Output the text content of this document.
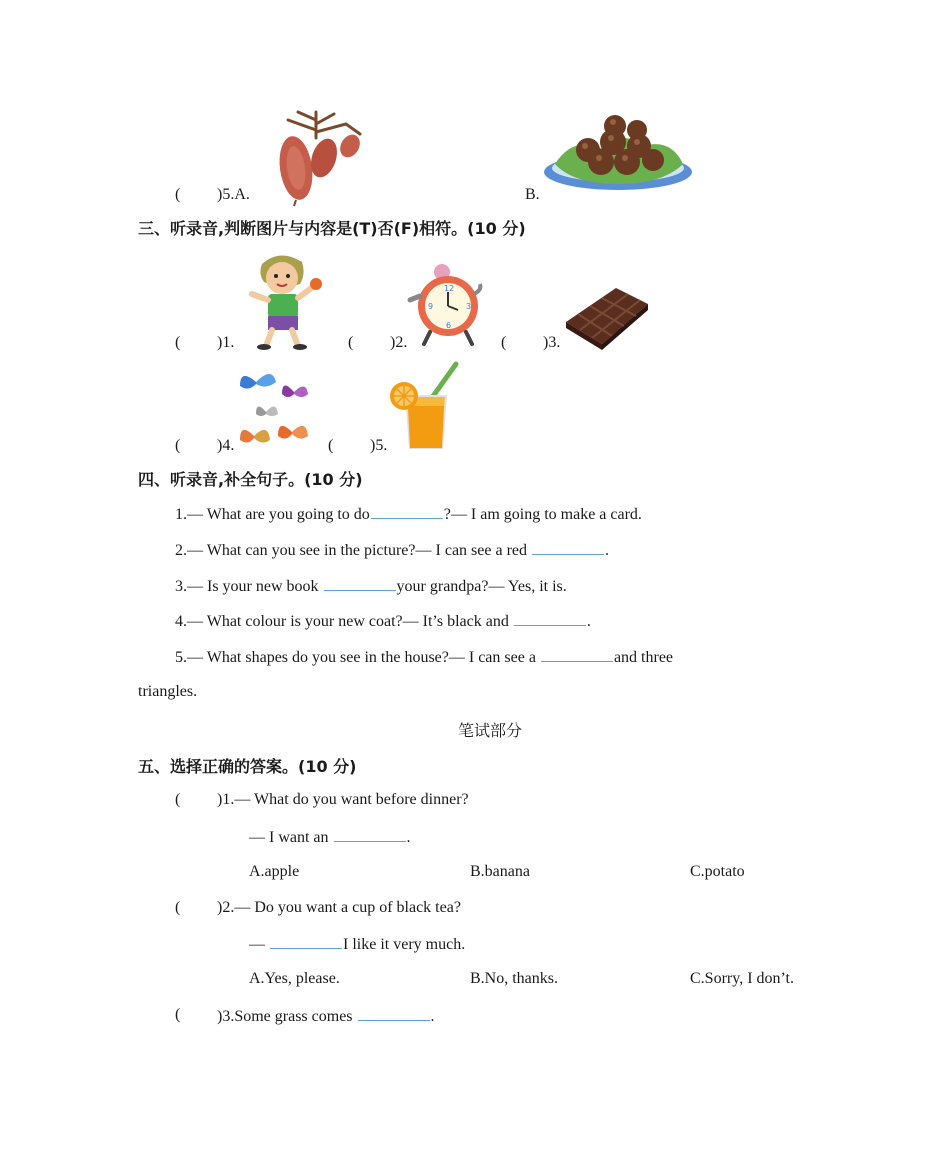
( )5.A.	B.
三、听录音,判断图片与内容是(T)否(F)相符。(10 分)
( )1.
12
3
6
9
( )2.	( )3.
( )4.	( )5.
四、听录音,补全句子。(10 分)
1.— What are you going to do	?— I am going to make a card.
2.— What can you see in the picture?— I can see a red	.
3.— Is your new book	your grandpa?— Yes, it is.
4.— What colour is your new coat?— It’s black and	.
5.— What shapes do you see in the house?— I can see a	and three
triangles.
笔试部分
五、选择正确的答案。(10 分)
( )1.— What do you want before dinner?
— I want an	.
A.apple	B.banana	C.potato
( )2.— Do you want a cup of black tea?
—	I like it very much.
A.Yes, please.	B.No, thanks.	C.Sorry, I don’t.
( )3.Some grass comes	.
